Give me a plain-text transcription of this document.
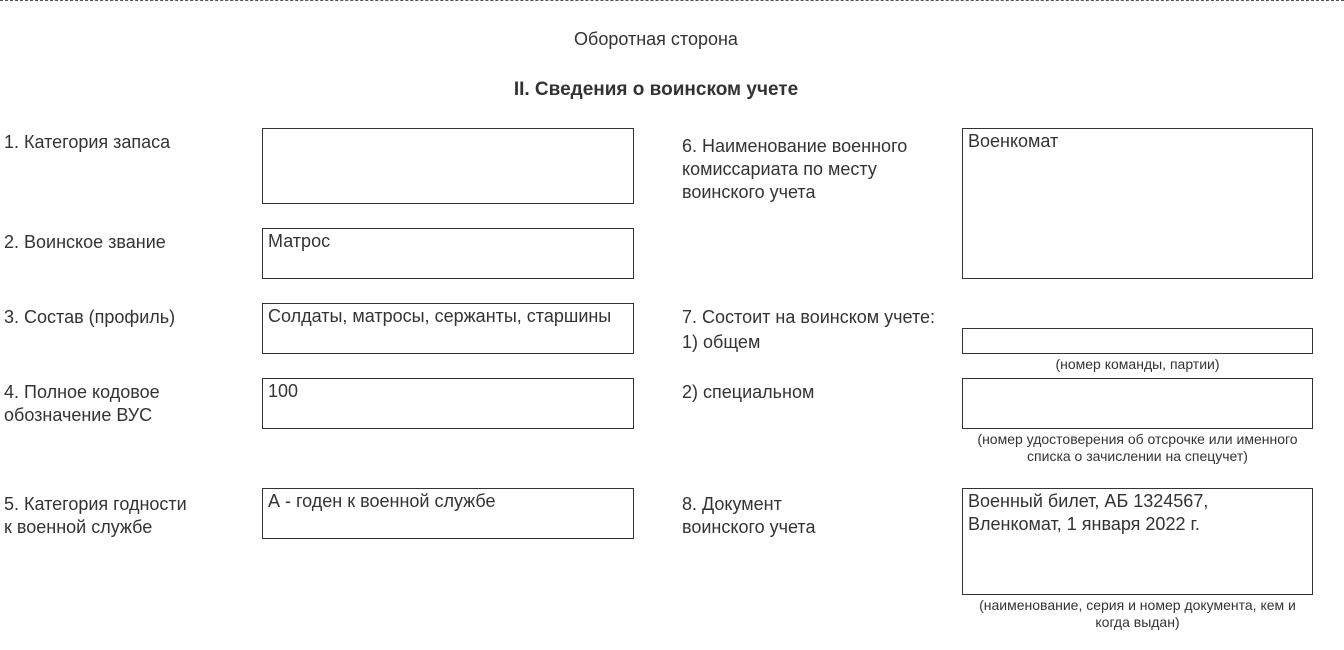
Оборотная сторона
II. Сведения о воинском учете
1. Категория запаса
2. Воинское звание	Матрос
3. Состав (профиль)	Солдаты, матросы, сержанты, старшины
4. Полное кодовое
обозначение ВУС
100
5. Категория годности
к военной службе
А - годен к военной службе
6. Наименование военного
комиссариата по месту
воинского учета
Военкомат
7. Состоит на воинском учете:
1) общем
(номер команды, партии)
2) специальном
(номер удостоверения об отсрочке или именного
списка о зачислении на спецучет)
8. Документ
воинского учета
Военный билет, АБ 1324567,
Вленкомат, 1 января 2022 г.
(наименование, серия и номер документа, кем и
когда выдан)
